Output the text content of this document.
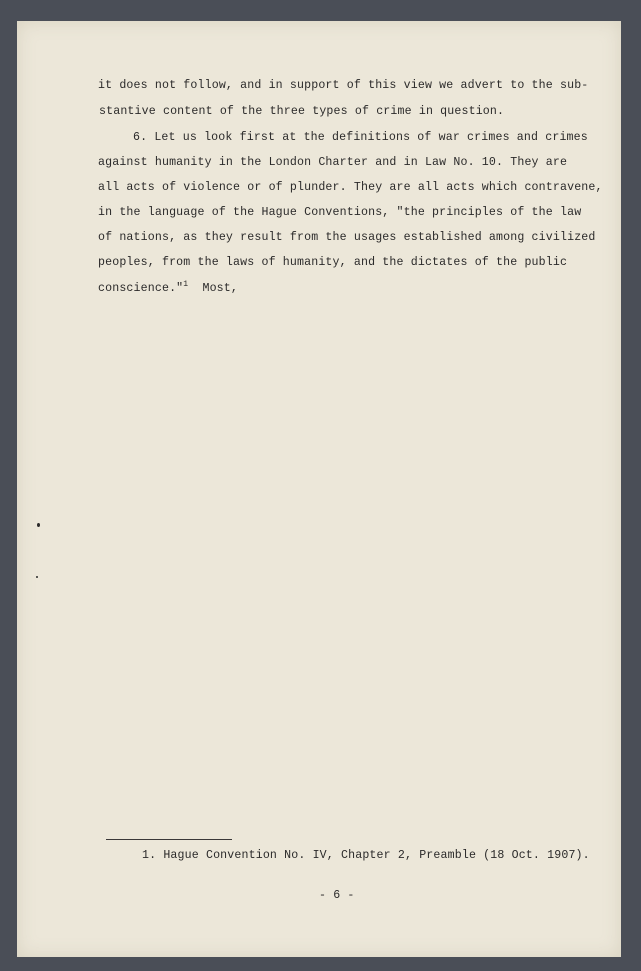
it does not follow, and in support of this view we advert to the sub-
stantive content of the three types of crime in question.
6. Let us look first at the definitions of war crimes and crimes
against humanity in the London Charter and in Law No. 10. They are
all acts of violence or of plunder. They are all acts which contravene,
in the language of the Hague Conventions, "the principles of the law
of nations, as they result from the usages established among civilized
peoples, from the laws of humanity, and the dictates of the public
conscience."$^1$ Most,
1. Hague Convention No. IV, Chapter 2, Preamble (18 Oct. 1907).
- 6 -
